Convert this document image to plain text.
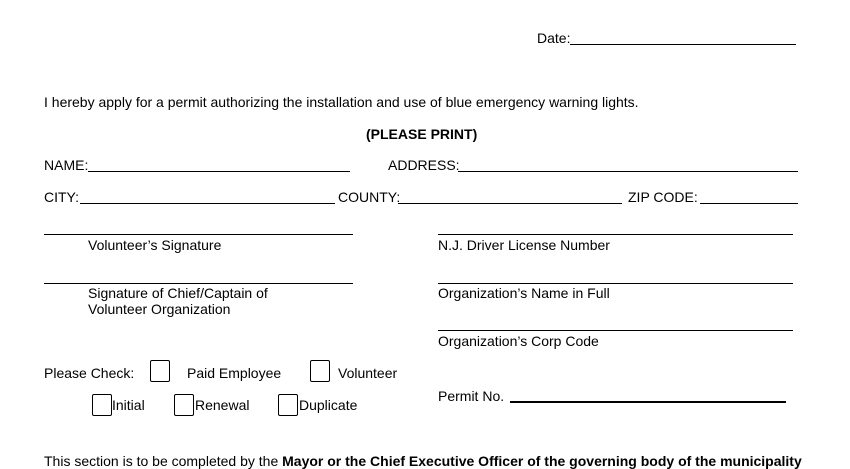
Date:
I hereby apply for a permit authorizing the installation and use of blue emergency warning lights.
(PLEASE PRINT)
NAME:	ADDRESS:
CITY:	COUNTY:	ZIP CODE:
Volunteer’s Signature	N.J. Driver License Number
Signature of Chief/Captain of
Volunteer Organization
Organization’s Name in Full
Organization’s Corp Code
Please Check:	Paid Employee	Volunteer
Initial	Renewal	Duplicate
Permit No.
This section is to be completed by the Mayor or the Chief Executive Officer of the governing body of the municipality
